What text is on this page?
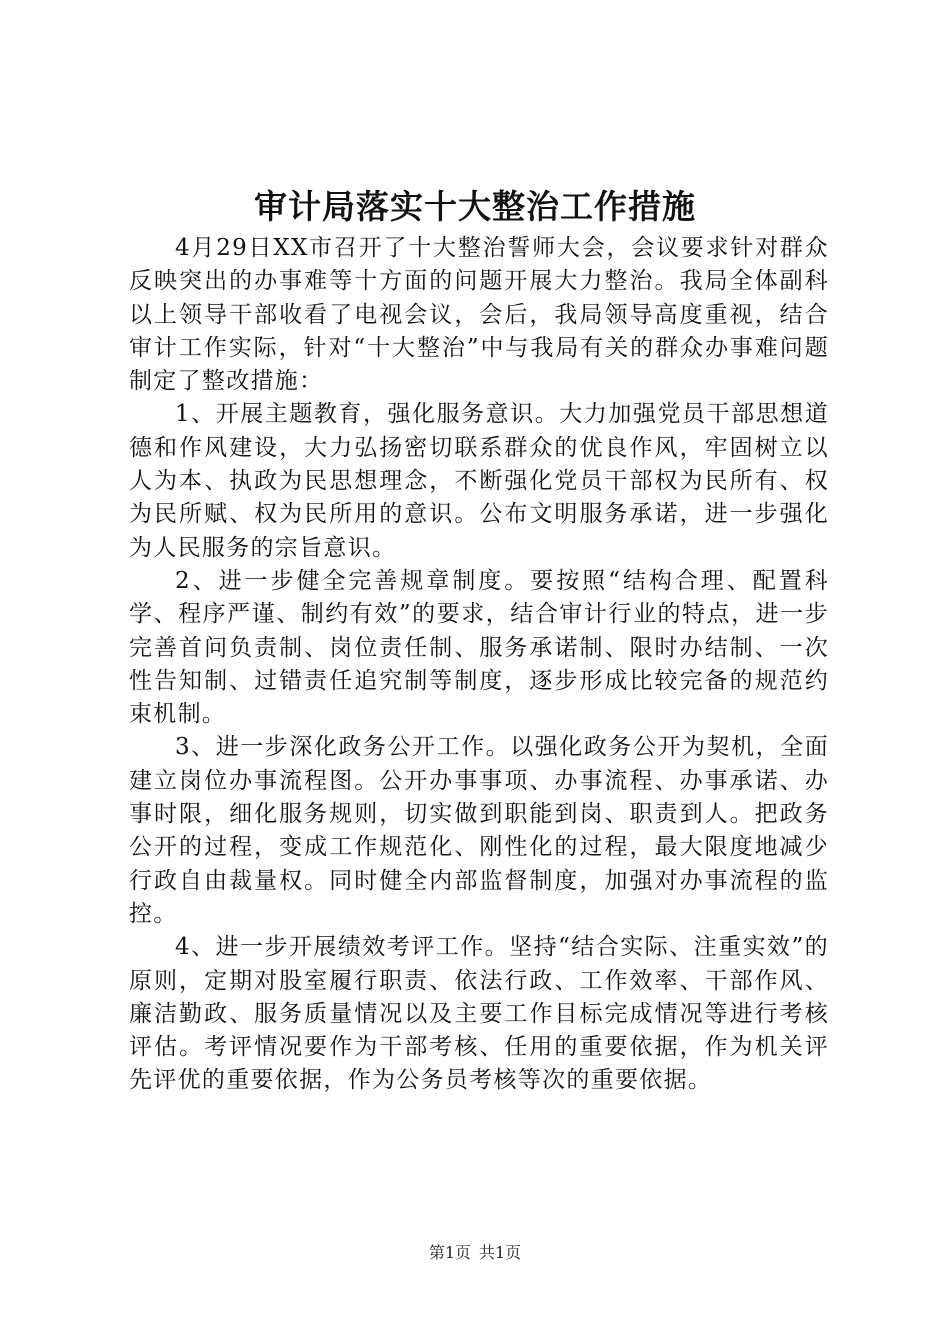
审计局落实十大整治工作措施

4月29日XX市召开了十大整治誓师大会，会议要求针对群众反映突出的办事难等十方面的问题开展大力整治。我局全体副科以上领导干部收看了电视会议，会后，我局领导高度重视，结合审计工作实际，针对“十大整治”中与我局有关的群众办事难问题制定了整改措施：

1、开展主题教育，强化服务意识。大力加强党员干部思想道德和作风建设，大力弘扬密切联系群众的优良作风，牢固树立以人为本、执政为民思想理念，不断强化党员干部权为民所有、权为民所赋、权为民所用的意识。公布文明服务承诺，进一步强化为人民服务的宗旨意识。

2、进一步健全完善规章制度。要按照“结构合理、配置科学、程序严谨、制约有效”的要求，结合审计行业的特点，进一步完善首问负责制、岗位责任制、服务承诺制、限时办结制、一次性告知制、过错责任追究制等制度，逐步形成比较完备的规范约束机制。

3、进一步深化政务公开工作。以强化政务公开为契机，全面建立岗位办事流程图。公开办事事项、办事流程、办事承诺、办事时限，细化服务规则，切实做到职能到岗、职责到人。把政务公开的过程，变成工作规范化、刚性化的过程，最大限度地减少行政自由裁量权。同时健全内部监督制度，加强对办事流程的监控。

4、进一步开展绩效考评工作。坚持“结合实际、注重实效”的原则，定期对股室履行职责、依法行政、工作效率、干部作风、廉洁勤政、服务质量情况以及主要工作目标完成情况等进行考核评估。考评情况要作为干部考核、任用的重要依据，作为机关评先评优的重要依据，作为公务员考核等次的重要依据。

第1页 共1页
